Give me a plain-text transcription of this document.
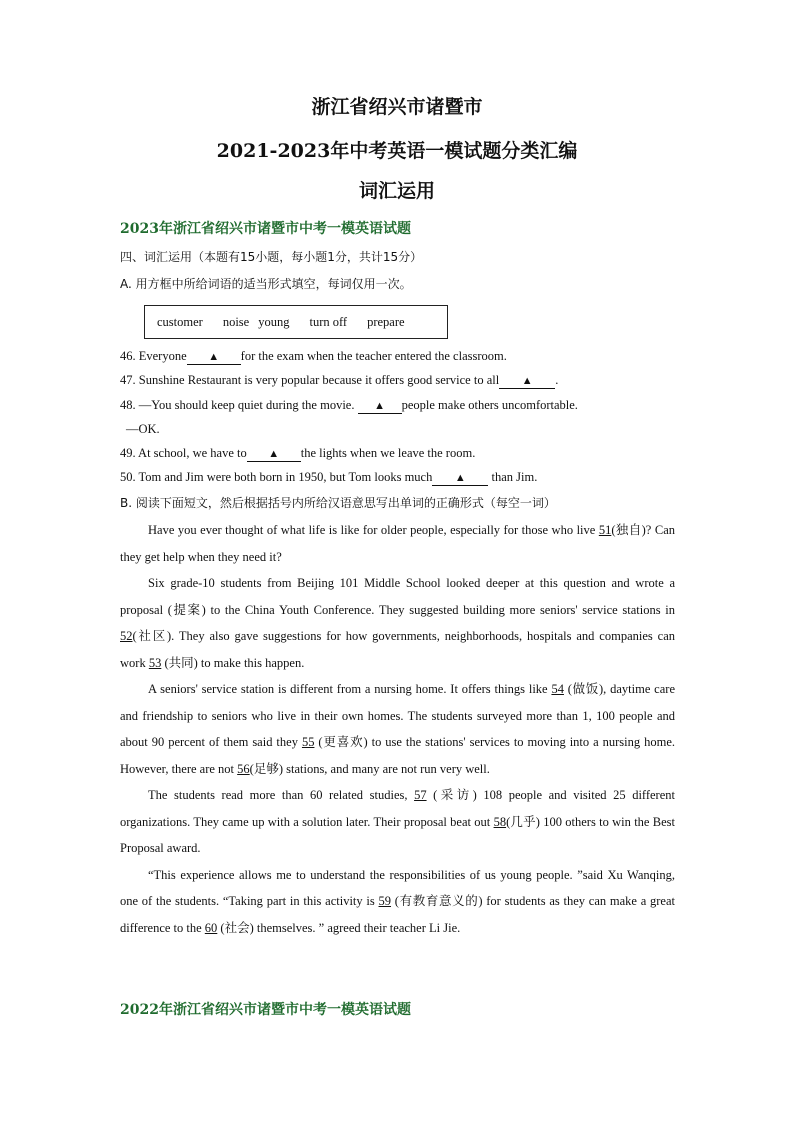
浙江省绍兴市诸暨市
2021-2023年中考英语一模试题分类汇编
词汇运用
2023年浙江省绍兴市诸暨市中考一模英语试题
四、词汇运用（本题有15小题，每小题1分，共计15分）
A. 用方框中所给词语的适当形式填空，每词仅用一次。
customer noise young turn off prepare
46. Everyone ▲ for the exam when the teacher entered the classroom.
47. Sunshine Restaurant is very popular because it offers good service to all ▲ .
48. —You should keep quiet during the movie. ▲ people make others uncomfortable.
—OK.
49. At school, we have to ▲ the lights when we leave the room.
50. Tom and Jim were both born in 1950, but Tom looks much ▲ than Jim.
B. 阅读下面短文，然后根据括号内所给汉语意思写出单词的正确形式（每空一词）

Have you ever thought of what life is like for older people, especially for those who live 51(独自)? Can they get help when they need it?

Six grade-10 students from Beijing 101 Middle School looked deeper at this question and wrote a proposal (提案) to the China Youth Conference. They suggested building more seniors' service stations in 52(社区). They also gave suggestions for how governments, neighborhoods, hospitals and companies can work 53 (共同) to make this happen.

A seniors' service station is different from a nursing home. It offers things like 54 (做饭), daytime care and friendship to seniors who live in their own homes. The students surveyed more than 1, 100 people and about 90 percent of them said they 55 (更喜欢) to use the stations' services to moving into a nursing home. However, there are not 56(足够) stations, and many are not run very well.

The students read more than 60 related studies, 57 (采访) 108 people and visited 25 different organizations. They came up with a solution later. Their proposal beat out 58(几乎) 100 others to win the Best Proposal award.

“This experience allows me to understand the responsibilities of us young people. ”said Xu Wanqing, one of the students. “Taking part in this activity is 59 (有教育意义的) for students as they can make a great difference to the 60 (社会) themselves. ” agreed their teacher Li Jie.

2022年浙江省绍兴市诸暨市中考一模英语试题
